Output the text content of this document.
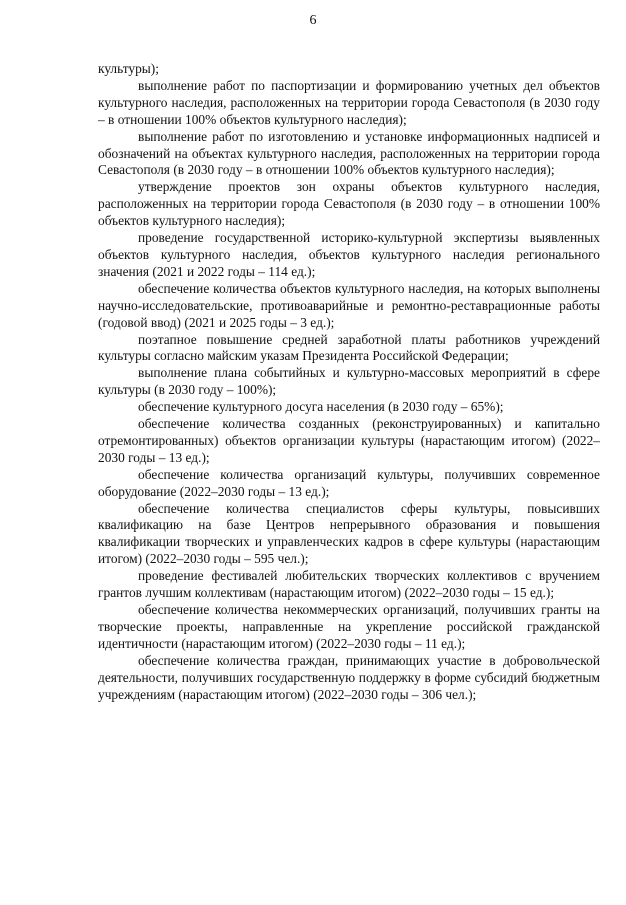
6

культуры);

выполнение работ по паспортизации и формированию учетных дел объектов культурного наследия, расположенных на территории города Севастополя (в 2030 году – в отношении 100% объектов культурного наследия);

выполнение работ по изготовлению и установке информационных надписей и обозначений на объектах культурного наследия, расположенных на территории города Севастополя (в 2030 году – в отношении 100% объектов культурного наследия);

утверждение проектов зон охраны объектов культурного наследия, расположенных на территории города Севастополя (в 2030 году – в отношении 100% объектов культурного наследия);

проведение государственной историко-культурной экспертизы выявленных объектов культурного наследия, объектов культурного наследия регионального значения (2021 и 2022 годы – 114 ед.);

обеспечение количества объектов культурного наследия, на которых выполнены научно-исследовательские, противоаварийные и ремонтно-реставрационные работы (годовой ввод) (2021 и 2025 годы – 3 ед.);

поэтапное повышение средней заработной платы работников учреждений культуры согласно майским указам Президента Российской Федерации;

выполнение плана событийных и культурно-массовых мероприятий в сфере культуры (в 2030 году – 100%);

обеспечение культурного досуга населения (в 2030 году – 65%);

обеспечение количества созданных (реконструированных) и капитально отремонтированных) объектов организации культуры (нарастающим итогом) (2022–2030 годы – 13 ед.);

обеспечение количества организаций культуры, получивших современное оборудование (2022–2030 годы – 13 ед.);

обеспечение количества специалистов сферы культуры, повысивших квалификацию на базе Центров непрерывного образования и повышения квалификации творческих и управленческих кадров в сфере культуры (нарастающим итогом) (2022–2030 годы – 595 чел.);

проведение фестивалей любительских творческих коллективов с вручением грантов лучшим коллективам (нарастающим итогом) (2022–2030 годы – 15 ед.);

обеспечение количества некоммерческих организаций, получивших гранты на творческие проекты, направленные на укрепление российской гражданской идентичности (нарастающим итогом) (2022–2030 годы – 11 ед.);

обеспечение количества граждан, принимающих участие в добровольческой деятельности, получивших государственную поддержку в форме субсидий бюджетным учреждениям (нарастающим итогом) (2022–2030 годы – 306 чел.);
